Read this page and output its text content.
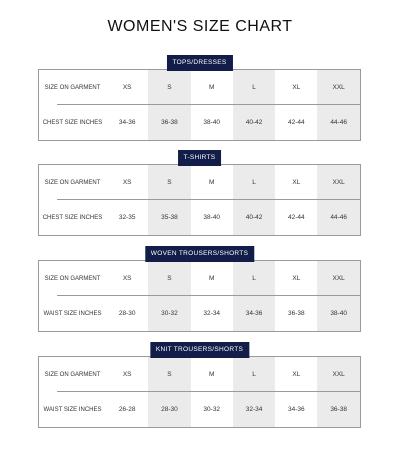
WOMEN'S SIZE CHART
SIZE ON GARMENT	XS	S	M	L	XL	XXL
CHEST SIZE INCHES	34-36	36-38	38-40	40-42	42-44	44-46
TOPS/DRESSES
SIZE ON GARMENT	XS	S	M	L	XL	XXL
CHEST SIZE INCHES	32-35	35-38	38-40	40-42	42-44	44-46
T-SHIRTS
SIZE ON GARMENT	XS	S	M	L	XL	XXL
WAIST SIZE INCHES	28-30	30-32	32-34	34-36	36-38	38-40
WOVEN TROUSERS/SHORTS
SIZE ON GARMENT	XS	S	M	L	XL	XXL
WAIST SIZE INCHES	26-28	28-30	30-32	32-34	34-36	36-38
KNIT TROUSERS/SHORTS
